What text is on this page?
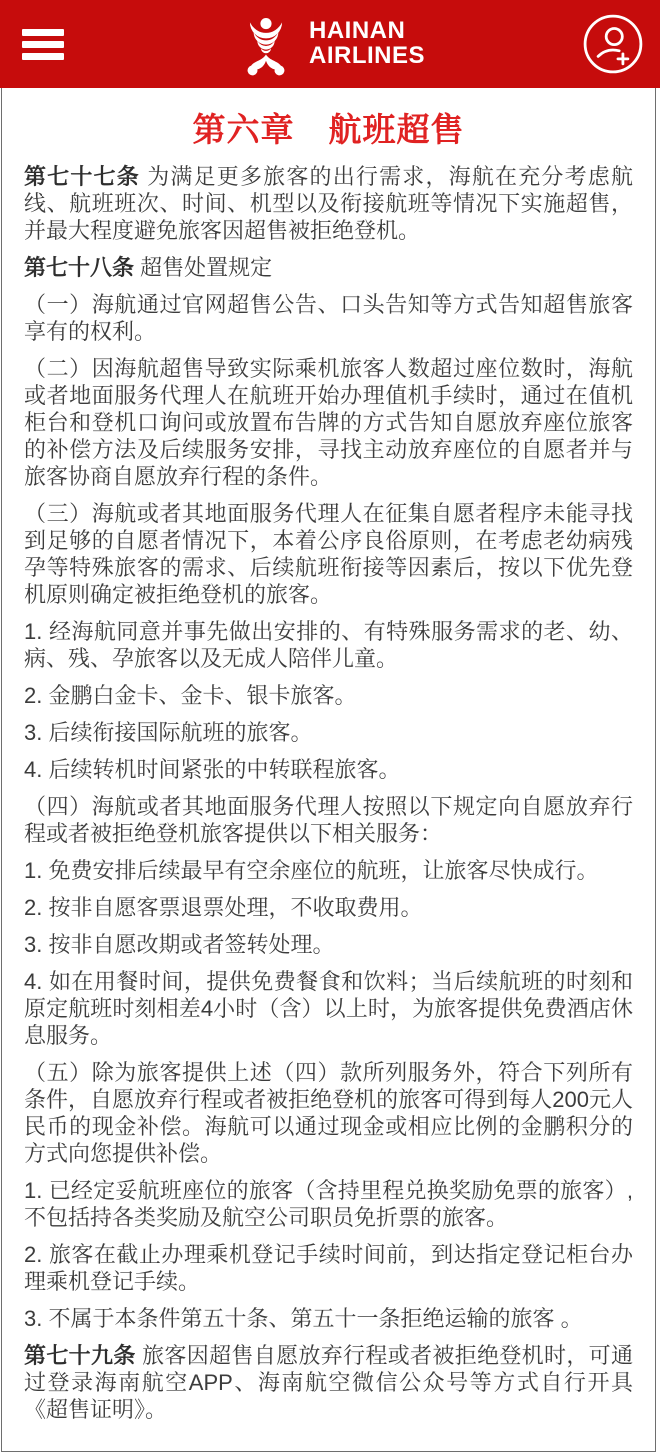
HAINAN
AIRLINES
第六章　航班超售

第七十七条 为满足更多旅客的出行需求，海航在充分考虑航线、航班班次、时间、机型以及衔接航班等情况下实施超售，并最大程度避免旅客因超售被拒绝登机。

第七十八条 超售处置规定

（一）海航通过官网超售公告、口头告知等方式告知超售旅客享有的权利。

（二）因海航超售导致实际乘机旅客人数超过座位数时，海航或者地面服务代理人在航班开始办理值机手续时，通过在值机柜台和登机口询问或放置布告牌的方式告知自愿放弃座位旅客的补偿方法及后续服务安排，寻找主动放弃座位的自愿者并与旅客协商自愿放弃行程的条件。

（三）海航或者其地面服务代理人在征集自愿者程序未能寻找到足够的自愿者情况下，本着公序良俗原则，在考虑老幼病残孕等特殊旅客的需求、后续航班衔接等因素后，按以下优先登机原则确定被拒绝登机的旅客。

1. 经海航同意并事先做出安排的、有特殊服务需求的老、幼、病、残、孕旅客以及无成人陪伴儿童。

2. 金鹏白金卡、金卡、银卡旅客。

3. 后续衔接国际航班的旅客。

4. 后续转机时间紧张的中转联程旅客。

（四）海航或者其地面服务代理人按照以下规定向自愿放弃行程或者被拒绝登机旅客提供以下相关服务：

1. 免费安排后续最早有空余座位的航班，让旅客尽快成行。

2. 按非自愿客票退票处理，不收取费用。

3. 按非自愿改期或者签转处理。

4. 如在用餐时间，提供免费餐食和饮料；当后续航班的时刻和原定航班时刻相差4小时（含）以上时，为旅客提供免费酒店休息服务。

（五）除为旅客提供上述（四）款所列服务外，符合下列所有条件，自愿放弃行程或者被拒绝登机的旅客可得到每人200元人民币的现金补偿。海航可以通过现金或相应比例的金鹏积分的方式向您提供补偿。

1. 已经定妥航班座位的旅客（含持里程兑换奖励免票的旅客）,不包括持各类奖励及航空公司职员免折票的旅客。

2. 旅客在截止办理乘机登记手续时间前，到达指定登记柜台办理乘机登记手续。

3. 不属于本条件第五十条、第五十一条拒绝运输的旅客 。

第七十九条 旅客因超售自愿放弃行程或者被拒绝登机时，可通过登录海南航空APP、海南航空微信公众号等方式自行开具《超售证明》。
